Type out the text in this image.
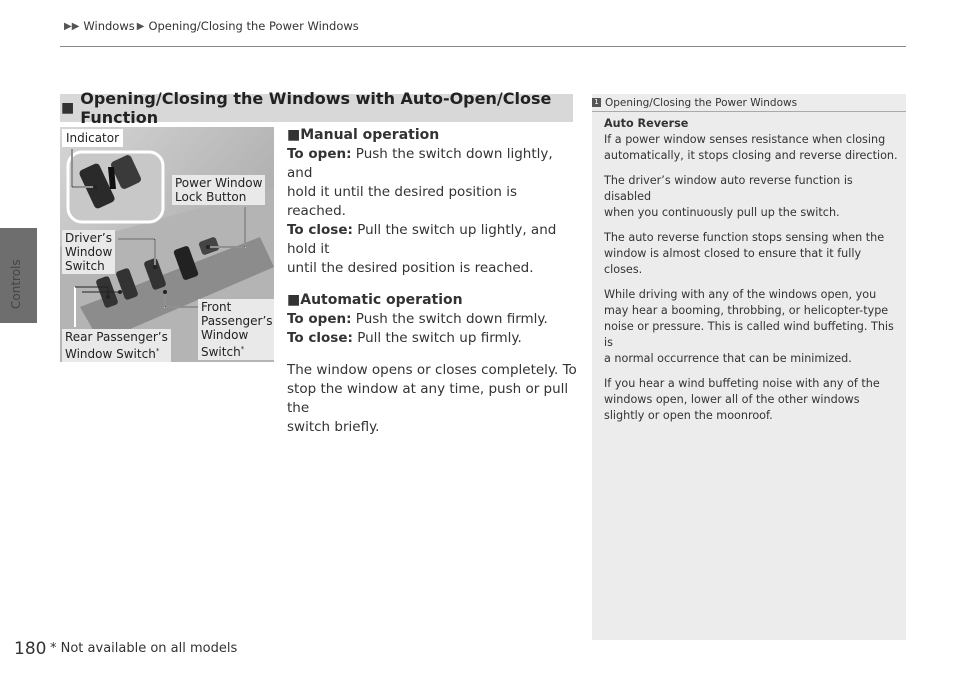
▶▶ Windows ▶ Opening/Closing the Power Windows
Controls
■ Opening/Closing the Windows with Auto-Open/Close Function
Indicator
Power Window
Lock Button
Driver’s
Window
Switch
Front
Passenger’s
Window
Switch*
Rear Passenger’s
Window Switch*

■Manual operation

To open: Push the switch down lightly, and

hold it until the desired position is reached.

To close: Pull the switch up lightly, and hold it

until the desired position is reached.

■Automatic operation

To open: Push the switch down firmly.

To close: Pull the switch up firmly.

The window opens or closes completely. To

stop the window at any time, push or pull the

switch briefly.

1 Opening/Closing the Power Windows

Auto Reverse

If a power window senses resistance when closing
automatically, it stops closing and reverse direction.

The driver’s window auto reverse function is disabled
when you continuously pull up the switch.

The auto reverse function stops sensing when the
window is almost closed to ensure that it fully closes.

While driving with any of the windows open, you
may hear a booming, throbbing, or helicopter-type
noise or pressure. This is called wind buffeting. This is
a normal occurrence that can be minimized.

If you hear a wind buffeting noise with any of the
windows open, lower all of the other windows
slightly or open the moonroof.

180 * Not available on all models
